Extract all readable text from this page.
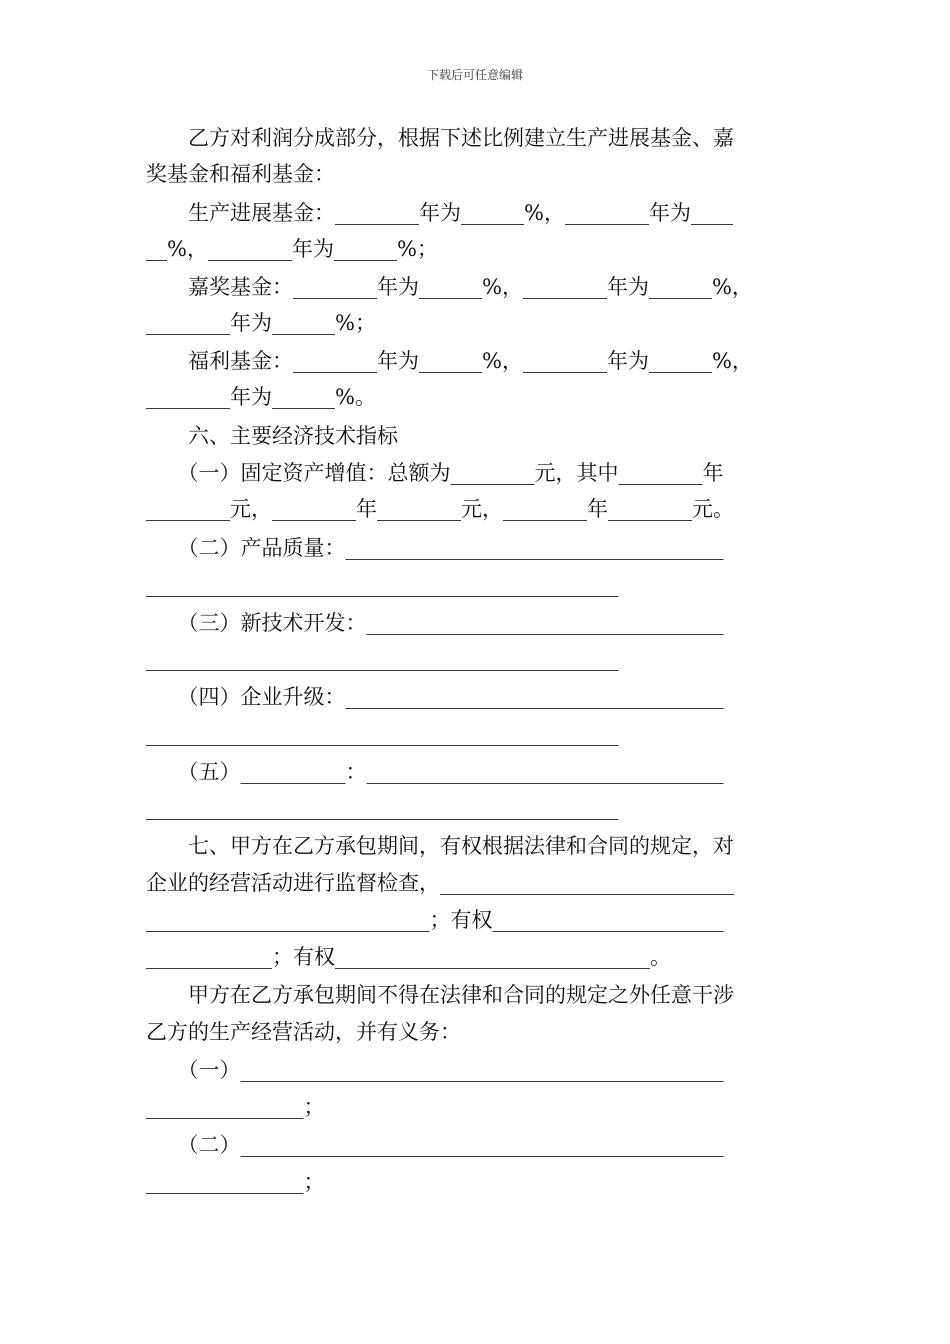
下载后可任意编辑
　　乙方对利润分成部分，根据下述比例建立生产进展基金、嘉
奖基金和福利基金：
　　生产进展基金：________年为______%，________年为____
__%，________年为______%；
　　嘉奖基金：________年为______%，________年为______%，
________年为______%；
　　福利基金：________年为______%，________年为______%，
________年为______%。
　　六、主要经济技术指标
　　（一）固定资产增值：总额为________元，其中________年
________元，________年________元，________年________元。
　　（二）产品质量：____________________________________
_____________________________________________
　　（三）新技术开发：__________________________________
_____________________________________________
　　（四）企业升级：____________________________________
_____________________________________________
　　（五）__________：__________________________________
_____________________________________________
　　七、甲方在乙方承包期间，有权根据法律和合同的规定，对
企业的经营活动进行监督检查，____________________________
___________________________；有权______________________
____________；有权______________________________。
　　甲方在乙方承包期间不得在法律和合同的规定之外任意干涉
乙方的生产经营活动，并有义务：
　　（一）______________________________________________
_______________；
　　（二）______________________________________________
_______________；
